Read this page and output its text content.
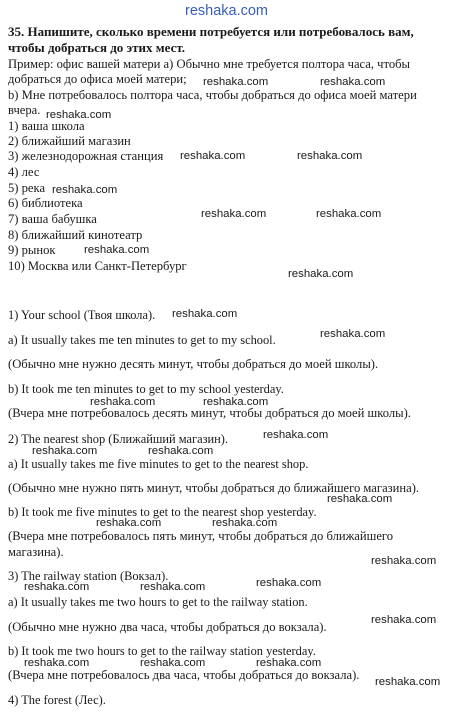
reshaka.com
35. Напишите, сколько времени потребуется или потребовалось вам,
чтобы добраться до этих мест.
Пример: офис вашей матери а) Обычно мне требуется полтора часа, чтобы
добраться до офиса моей матери;
b) Мне потребовалось полтора часа, чтобы добраться до офиса моей матери
вчера.
1) ваша школа
2) ближайший магазин
3) железнодорожная станция
4) лес
5) река
6) библиотека
7) ваша бабушка
8) ближайший кинотеатр
9) рынок
10) Москва или Санкт-Петербург
1) Your school (Твоя школа).
a) It usually takes me ten minutes to get to my school.
(Обычно мне нужно десять минут, чтобы добраться до моей школы).
b) It took me ten minutes to get to my school yesterday.
(Вчера мне потребовалось десять минут, чтобы добраться до моей школы).
2) The nearest shop (Ближайший магазин).
a) It usually takes me five minutes to get to the nearest shop.
(Обычно мне нужно пять минут, чтобы добраться до ближайшего магазина).
b) It took me five minutes to get to the nearest shop yesterday.
(Вчера мне потребовалось пять минут, чтобы добраться до ближайшего
магазина).
3) The railway station (Вокзал).
a) It usually takes me two hours to get to the railway station.
(Обычно мне нужно два часа, чтобы добраться до вокзала).
b) It took me two hours to get to the railway station yesterday.
(Вчера мне потребовалось два часа, чтобы добраться до вокзала).
4) The forest (Лес).
reshaka.com	reshaka.com
reshaka.com
reshaka.com	reshaka.com
reshaka.com
reshaka.com	reshaka.com
reshaka.com
reshaka.com
reshaka.com
reshaka.com
reshaka.com	reshaka.com
reshaka.com
reshaka.com	reshaka.com
reshaka.com
reshaka.com	reshaka.com
reshaka.com
reshaka.com	reshaka.com	reshaka.com
reshaka.com
reshaka.com	reshaka.com	reshaka.com
reshaka.com
